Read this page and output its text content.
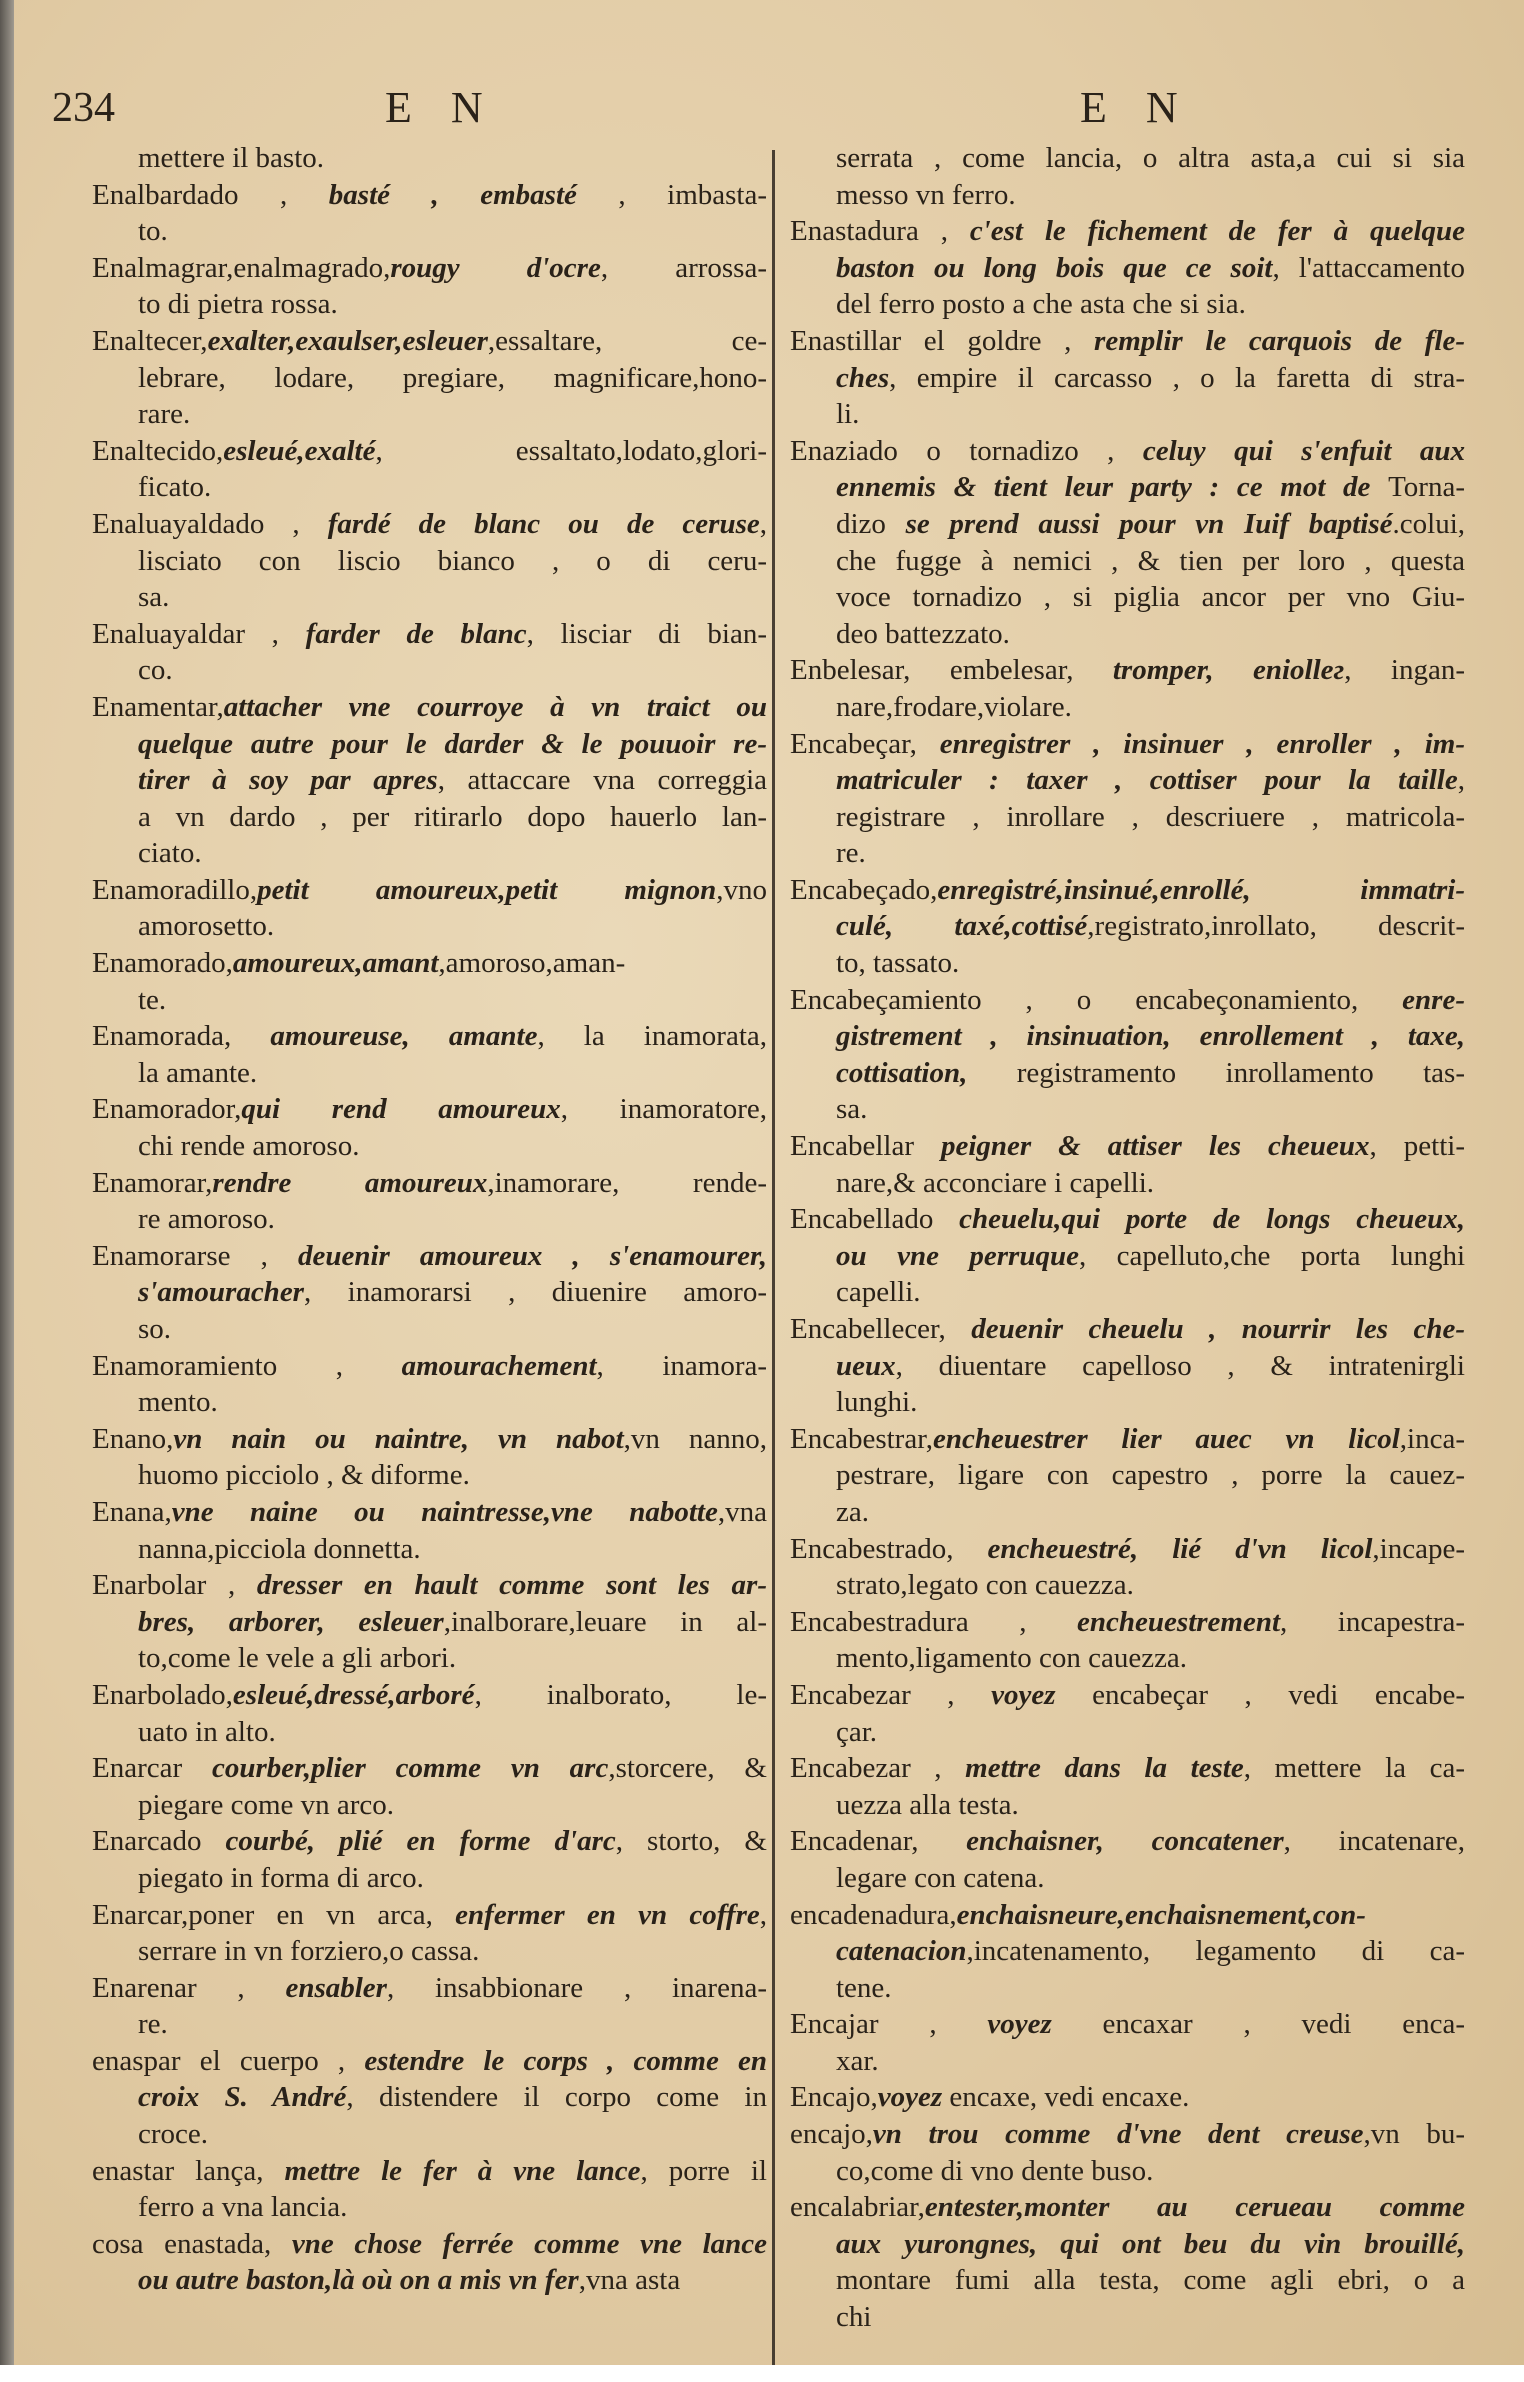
234	E N	E N
mettere il basto.
Enalbardado , basté , embasté , imbasta-
to.
Enalmagrar,enalmagrado,rougy d'ocre, arrossa-
to di pietra rossa.
Enaltecer,exalter,exaulser,esleuer,essaltare, ce-
lebrare, lodare, pregiare, magnificare,hono-
rare.
Enaltecido,esleué,exalté, essaltato,lodato,glori-
ficato.
Enaluayaldado , fardé de blanc ou de ceruse,
lisciato con liscio bianco , o di ceru-
sa.
Enaluayaldar , farder de blanc, lisciar di bian-
co.
Enamentar,attacher vne courroye à vn traict ou
quelque autre pour le darder & le pouuoir re-
tirer à soy par apres, attaccare vna correggia
a vn dardo , per ritirarlo dopo hauerlo lan-
ciato.
Enamoradillo,petit amoureux,petit mignon,vno
amorosetto.
Enamorado,amoureux,amant,amoroso,aman-
te.
Enamorada, amoureuse, amante, la inamorata,
la amante.
Enamorador,qui rend amoureux, inamoratore,
chi rende amoroso.
Enamorar,rendre amoureux,inamorare, rende-
re amoroso.
Enamorarse , deuenir amoureux , s'enamourer,
s'amouracher, inamorarsi , diuenire amoro-
so.
Enamoramiento , amourachement, inamora-
mento.
Enano,vn nain ou naintre, vn nabot,vn nanno,
huomo picciolo , & diforme.
Enana,vne naine ou naintresse,vne nabotte,vna
nanna,picciola donnetta.
Enarbolar , dresser en hault comme sont les ar-
bres, arborer, esleuer,inalborare,leuare in al-
to,come le vele a gli arbori.
Enarbolado,esleué,dressé,arboré, inalborato, le-
uato in alto.
Enarcar courber,plier comme vn arc,storcere, &
piegare come vn arco.
Enarcado courbé, plié en forme d'arc, storto, &
piegato in forma di arco.
Enarcar,poner en vn arca, enfermer en vn coffre,
serrare in vn forziero,o cassa.
Enarenar , ensabler, insabbionare , inarena-
re.
enaspar el cuerpo , estendre le corps , comme en
croix S. André, distendere il corpo come in
croce.
enastar lança, mettre le fer à vne lance, porre il
ferro a vna lancia.
cosa enastada, vne chose ferrée comme vne lance
ou autre baston,là où on a mis vn fer,vna asta
serrata , come lancia, o altra asta,a cui si sia
messo vn ferro.
Enastadura , c'est le fichement de fer à quelque
baston ou long bois que ce soit, l'attaccamento
del ferro posto a che asta che si sia.
Enastillar el goldre , remplir le carquois de fle-
ches, empire il carcasso , o la faretta di stra-
li.
Enaziado o tornadizo , celuy qui s'enfuit aux
ennemis & tient leur party : ce mot de Torna-
dizo se prend aussi pour vn Iuif baptisé.colui,
che fugge à nemici , & tien per loro , questa
voce tornadizo , si piglia ancor per vno Giu-
deo battezzato.
Enbelesar, embelesar, tromper, eniollег, ingan-
nare,frodare,violare.
Encabeçar, enregistrer , insinuer , enroller , im-
matriculer : taxer , cottiser pour la taille,
registrare , inrollare , descriuere , matricola-
re.
Encabeçado,enregistré,insinué,enrollé, immatri-
culé, taxé,cottisé,registrato,inrollato, descrit-
to, tassato.
Encabeçamiento , o encabeçonamiento, enre-
gistrement , insinuation, enrollement , taxe,
cottisation, registramento inrollamento tas-
sa.
Encabellar peigner & attiser les cheueux, petti-
nare,& acconciare i capelli.
Encabellado cheuelu,qui porte de longs cheueux,
ou vne perruque, capelluto,che porta lunghi
capelli.
Encabellecer, deuenir cheuelu , nourrir les che-
ueux, diuentare capelloso , & intratenirgli
lunghi.
Encabestrar,encheuestrer lier auec vn licol,inca-
pestrare, ligare con capestro , porre la cauez-
za.
Encabestrado, encheuestré, lié d'vn licol,incape-
strato,legato con cauezza.
Encabestradura , encheuestrement, incapestra-
mento,ligamento con cauezza.
Encabezar , voyez encabeçar , vedi encabe-
çar.
Encabezar , mettre dans la teste, mettere la ca-
uezza alla testa.
Encadenar, enchaisner, concatener, incatenare,
legare con catena.
encadenadura,enchaisneure,enchaisnement,con-
catenacion,incatenamento, legamento di ca-
tene.
Encajar , voyez encaxar , vedi enca-
xar.
Encajo,voyez encaxe, vedi encaxe.
encajo,vn trou comme d'vne dent creuse,vn bu-
co,come di vno dente buso.
encalabriar,entester,monter au cerueau comme
aux yurongnes, qui ont beu du vin brouillé,
montare fumi alla testa, come agli ebri, o a
chi
